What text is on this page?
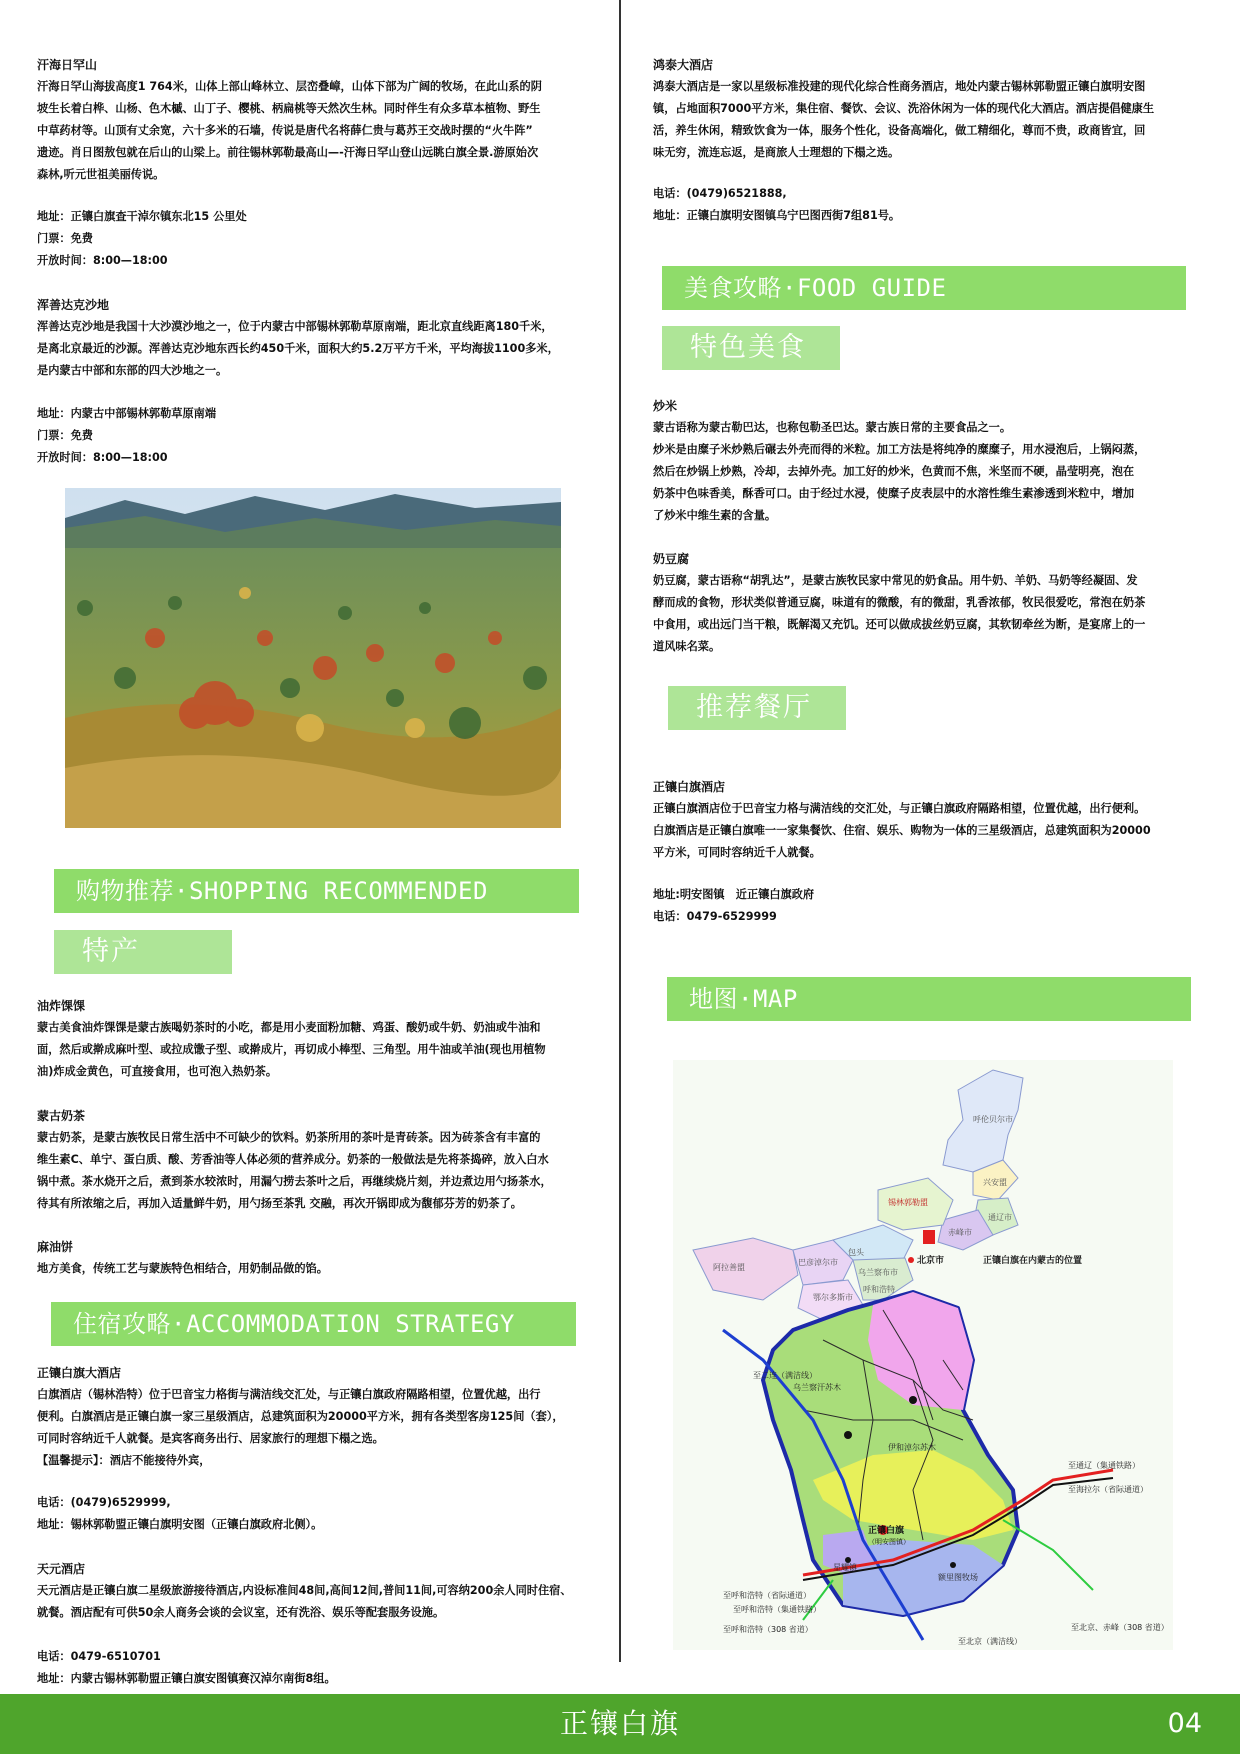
汗海日罕山
汗海日罕山海拔高度1 764米，山体上部山峰林立、层峦叠嶂，山体下部为广阔的牧场，在此山系的阴
坡生长着白桦、山杨、色木槭、山丁子、樱桃、柄扁桃等天然次生林。同时伴生有众多草本植物、野生
中草药材等。山顶有丈余宽，六十多米的石墙，传说是唐代名将薛仁贵与葛苏王交战时摆的“火牛阵”
遗迹。肖日图敖包就在后山的山梁上。前往锡林郭勒最高山—-汗海日罕山登山远眺白旗全景.游原始次
森林,听元世祖美丽传说。
地址：正镶白旗查干淖尔镇东北15 公里处
门票：免费
开放时间：8:00—18:00
浑善达克沙地
浑善达克沙地是我国十大沙漠沙地之一，位于内蒙古中部锡林郭勒草原南端，距北京直线距离180千米，
是离北京最近的沙源。浑善达克沙地东西长约450千米，面积大约5.2万平方千米，平均海拔1100多米，
是内蒙古中部和东部的四大沙地之一。
地址：内蒙古中部锡林郭勒草原南端
门票：免费
开放时间：8:00—18:00
购物推荐·SHOPPING RECOMMENDED
特产
油炸馃馃
蒙古美食油炸馃馃是蒙古族喝奶茶时的小吃，都是用小麦面粉加糖、鸡蛋、酸奶或牛奶、奶油或牛油和
面，然后或擀成麻叶型、或拉成馓子型、或擀成片，再切成小棒型、三角型。用牛油或羊油(现也用植物
油)炸成金黄色，可直接食用，也可泡入热奶茶。
蒙古奶茶
蒙古奶茶，是蒙古族牧民日常生活中不可缺少的饮料。奶茶所用的茶叶是青砖茶。因为砖茶含有丰富的
维生素C、单宁、蛋白质、酸、芳香油等人体必须的营养成分。奶茶的一般做法是先将茶捣碎，放入白水
锅中煮。茶水烧开之后，煮到茶水较浓时，用漏勺捞去茶叶之后，再继续烧片刻，并边煮边用勺扬茶水，
待其有所浓缩之后，再加入适量鲜牛奶，用勺扬至茶乳 交融，再次开锅即成为馥郁芬芳的奶茶了。
麻油饼
地方美食，传统工艺与蒙族特色相结合，用奶制品做的馅。
住宿攻略·ACCOMMODATION STRATEGY
正镶白旗大酒店
白旗酒店（锡林浩特）位于巴音宝力格街与满洁线交汇处，与正镶白旗政府隔路相望，位置优越，出行
便利。白旗酒店是正镶白旗一家三星级酒店，总建筑面积为20000平方米，拥有各类型客房125间（套），
可同时容纳近千人就餐。是宾客商务出行、居家旅行的理想下榻之选。
【温馨提示】：酒店不能接待外宾，
电话：(0479)6529999,
地址：锡林郭勒盟正镶白旗明安图（正镶白旗政府北侧）。
天元酒店
天元酒店是正镶白旗二星级旅游接待酒店,内设标准间48间,高间12间,普间11间,可容纳200余人同时住宿、
就餐。酒店配有可供50余人商务会谈的会议室，还有洗浴、娱乐等配套服务设施。
电话：0479-6510701
地址：内蒙古锡林郭勒盟正镶白旗安图镇赛汉淖尔南街8组。
鸿泰大酒店
鸿泰大酒店是一家以星级标准投建的现代化综合性商务酒店，地处内蒙古锡林郭勒盟正镶白旗明安图
镇，占地面积7000平方米，集住宿、餐饮、会议、洗浴休闲为一体的现代化大酒店。酒店提倡健康生
活，养生休闲，精致饮食为一体，服务个性化，设备高端化，做工精细化，尊而不贵，政商皆宜，回
味无穷，流连忘返，是商旅人士理想的下榻之选。
电话：(0479)6521888,
地址：正镶白旗明安图镇乌宁巴图西街7组81号。
美食攻略·FOOD GUIDE
特色美食
炒米
蒙古语称为蒙古勒巴达，也称包勒圣巴达。蒙古族日常的主要食品之一。
炒米是由糜子米炒熟后碾去外壳而得的米粒。加工方法是将纯净的糜糜子，用水浸泡后，上锅闷蒸，
然后在炒锅上炒熟，冷却，去掉外壳。加工好的炒米，色黄而不焦，米坚而不硬，晶莹明亮，泡在
奶茶中色味香美，酥香可口。由于经过水浸，使糜子皮表层中的水溶性维生素渗透到米粒中，增加
了炒米中维生素的含量。
奶豆腐
奶豆腐，蒙古语称“胡乳达”，是蒙古族牧民家中常见的奶食品。用牛奶、羊奶、马奶等经凝固、发
酵而成的食物，形状类似普通豆腐，味道有的微酸，有的微甜，乳香浓郁，牧民很爱吃，常泡在奶茶
中食用，或出远门当干粮，既解渴又充饥。还可以做成拔丝奶豆腐，其软韧牵丝为断，是宴席上的一
道风味名菜。
推荐餐厅
正镶白旗酒店
正镶白旗酒店位于巴音宝力格与满洁线的交汇处，与正镶白旗政府隔路相望，位置优越，出行便利。
白旗酒店是正镶白旗唯一一家集餐饮、住宿、娱乐、购物为一体的三星级酒店，总建筑面积为20000
平方米，可同时容纳近千人就餐。
地址:明安图镇　近正镶白旗政府
电话：0479-6529999
地图·MAP
呼伦贝尔市
兴安盟
通辽市
赤峰市
锡林郭勒盟
阿拉善盟
巴彦淖尔市
包头
鄂尔多斯市
乌兰察布市
呼和浩特
北京市	正镶白旗在内蒙古的位置
至二连（满洁线）
乌兰察汗苏木
伊和淖尔苏木
正镶白旗
（明安图镇）
星耀镇
额里图牧场
至通辽（集通铁路）
至海拉尔（省际通道）
至呼和浩特（省际通道）
至呼和浩特（集通铁路）
至呼和浩特（308 省道）
至北京（满洁线）
至北京、赤峰（308 省道）
正镶白旗	04
